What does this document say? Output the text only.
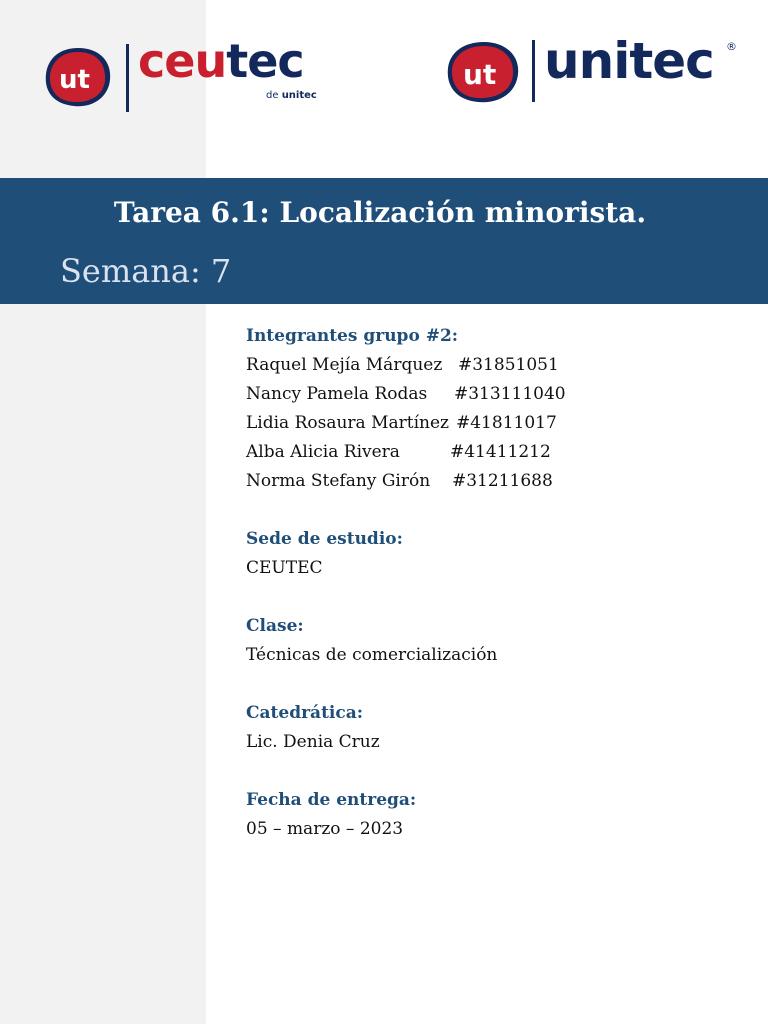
ut ceutec
de unitec
ut unitec ®
Tarea 6.1: Localización minorista.
Semana: 7
Integrantes grupo #2:
Raquel Mejía Márquez #31851051
Nancy Pamela Rodas #313111040
Lidia Rosaura Martínez #41811017
Alba Alicia Rivera	#41411212
Norma Stefany Girón #31211688
Sede de estudio:
CEUTEC
Clase:
Técnicas de comercialización
Catedrática:
Lic. Denia Cruz
Fecha de entrega:
05 – marzo – 2023
